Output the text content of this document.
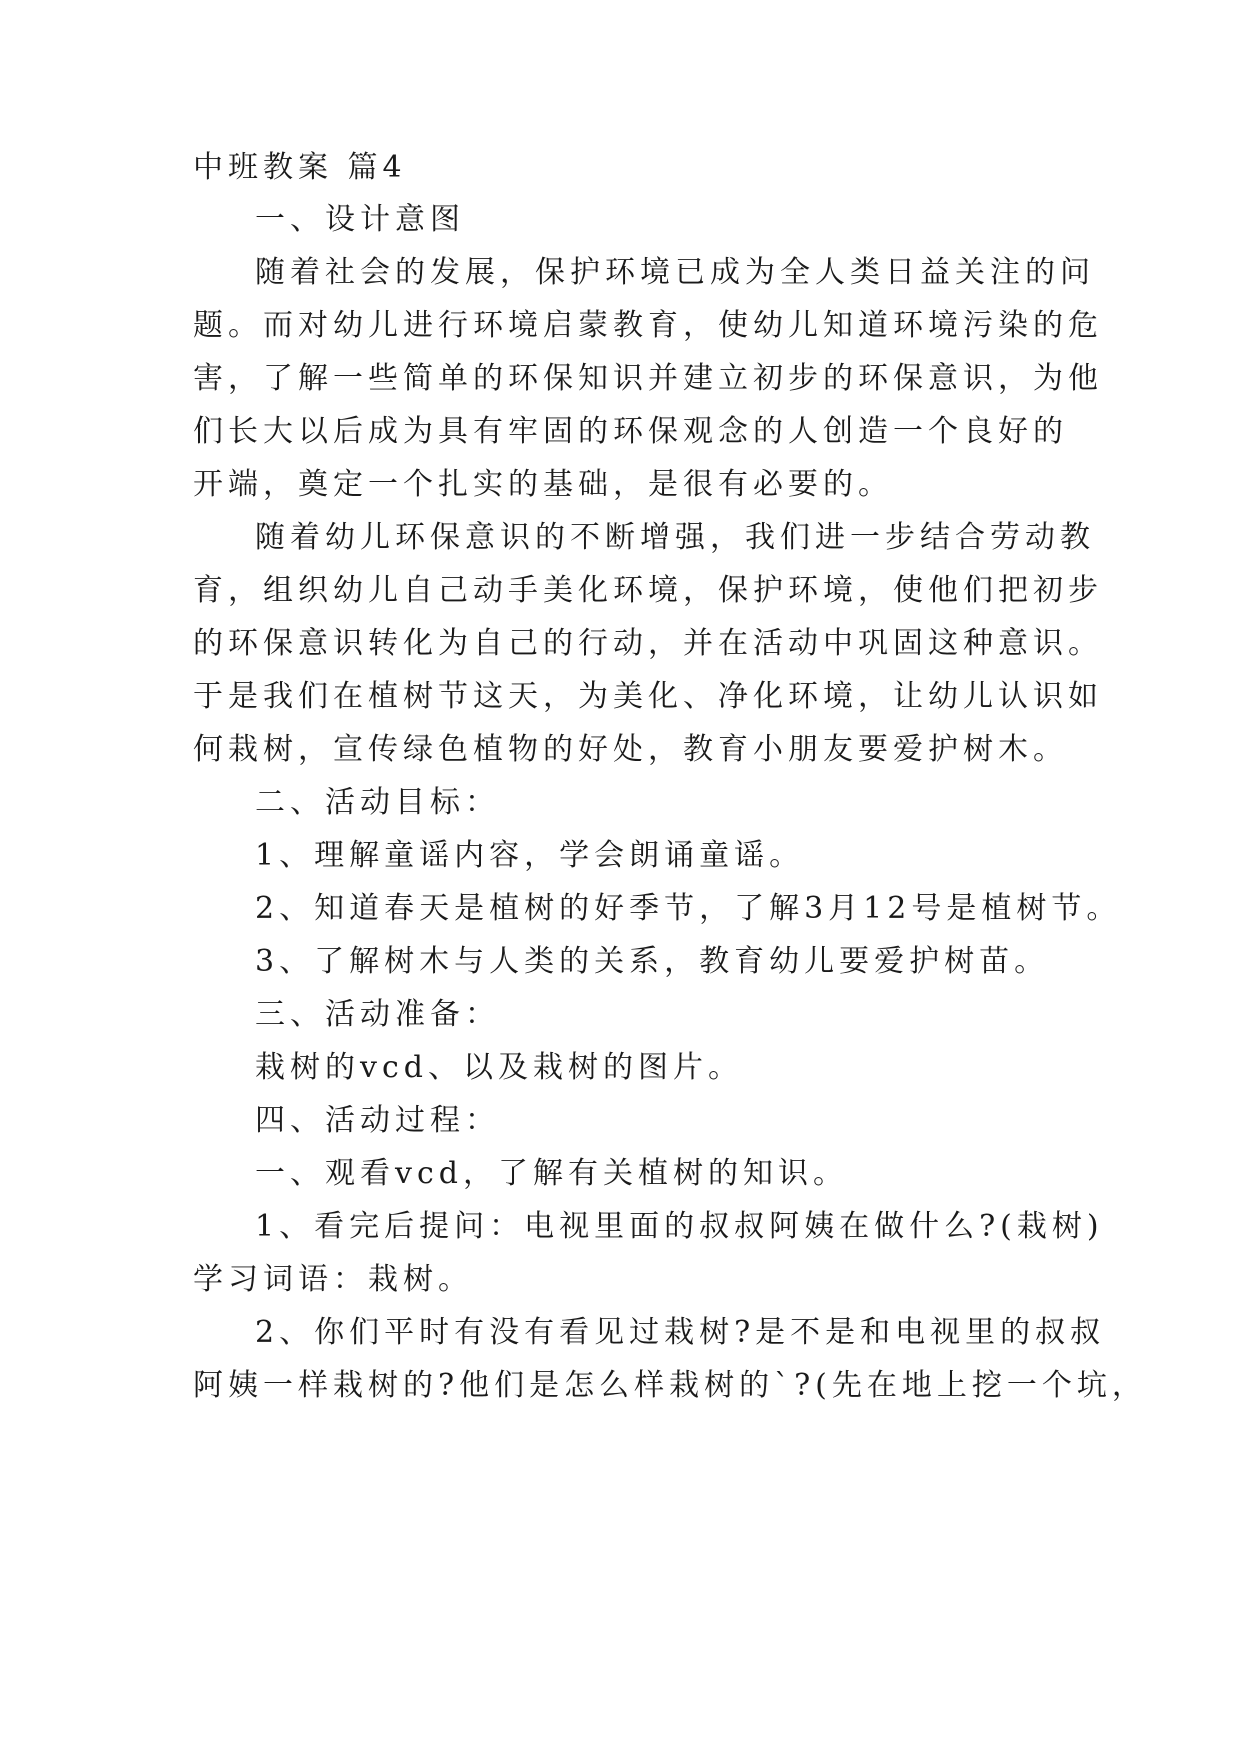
中班教案 篇4
一、设计意图
随着社会的发展，保护环境已成为全人类日益关注的问
题。而对幼儿进行环境启蒙教育，使幼儿知道环境污染的危
害，了解一些简单的环保知识并建立初步的环保意识，为他
们长大以后成为具有牢固的环保观念的人创造一个良好的
开端，奠定一个扎实的基础，是很有必要的。
随着幼儿环保意识的不断增强，我们进一步结合劳动教
育，组织幼儿自己动手美化环境，保护环境，使他们把初步
的环保意识转化为自己的行动，并在活动中巩固这种意识。
于是我们在植树节这天，为美化、净化环境，让幼儿认识如
何栽树，宣传绿色植物的好处，教育小朋友要爱护树木。
二、活动目标：
1、理解童谣内容，学会朗诵童谣。
2、知道春天是植树的好季节，了解3月12号是植树节。
3、了解树木与人类的关系，教育幼儿要爱护树苗。
三、活动准备：
栽树的vcd、以及栽树的图片。
四、活动过程：
一、观看vcd，了解有关植树的知识。
1、看完后提问：电视里面的叔叔阿姨在做什么?(栽树)
学习词语：栽树。
2、你们平时有没有看见过栽树?是不是和电视里的叔叔
阿姨一样栽树的?他们是怎么样栽树的`?(先在地上挖一个坑，
